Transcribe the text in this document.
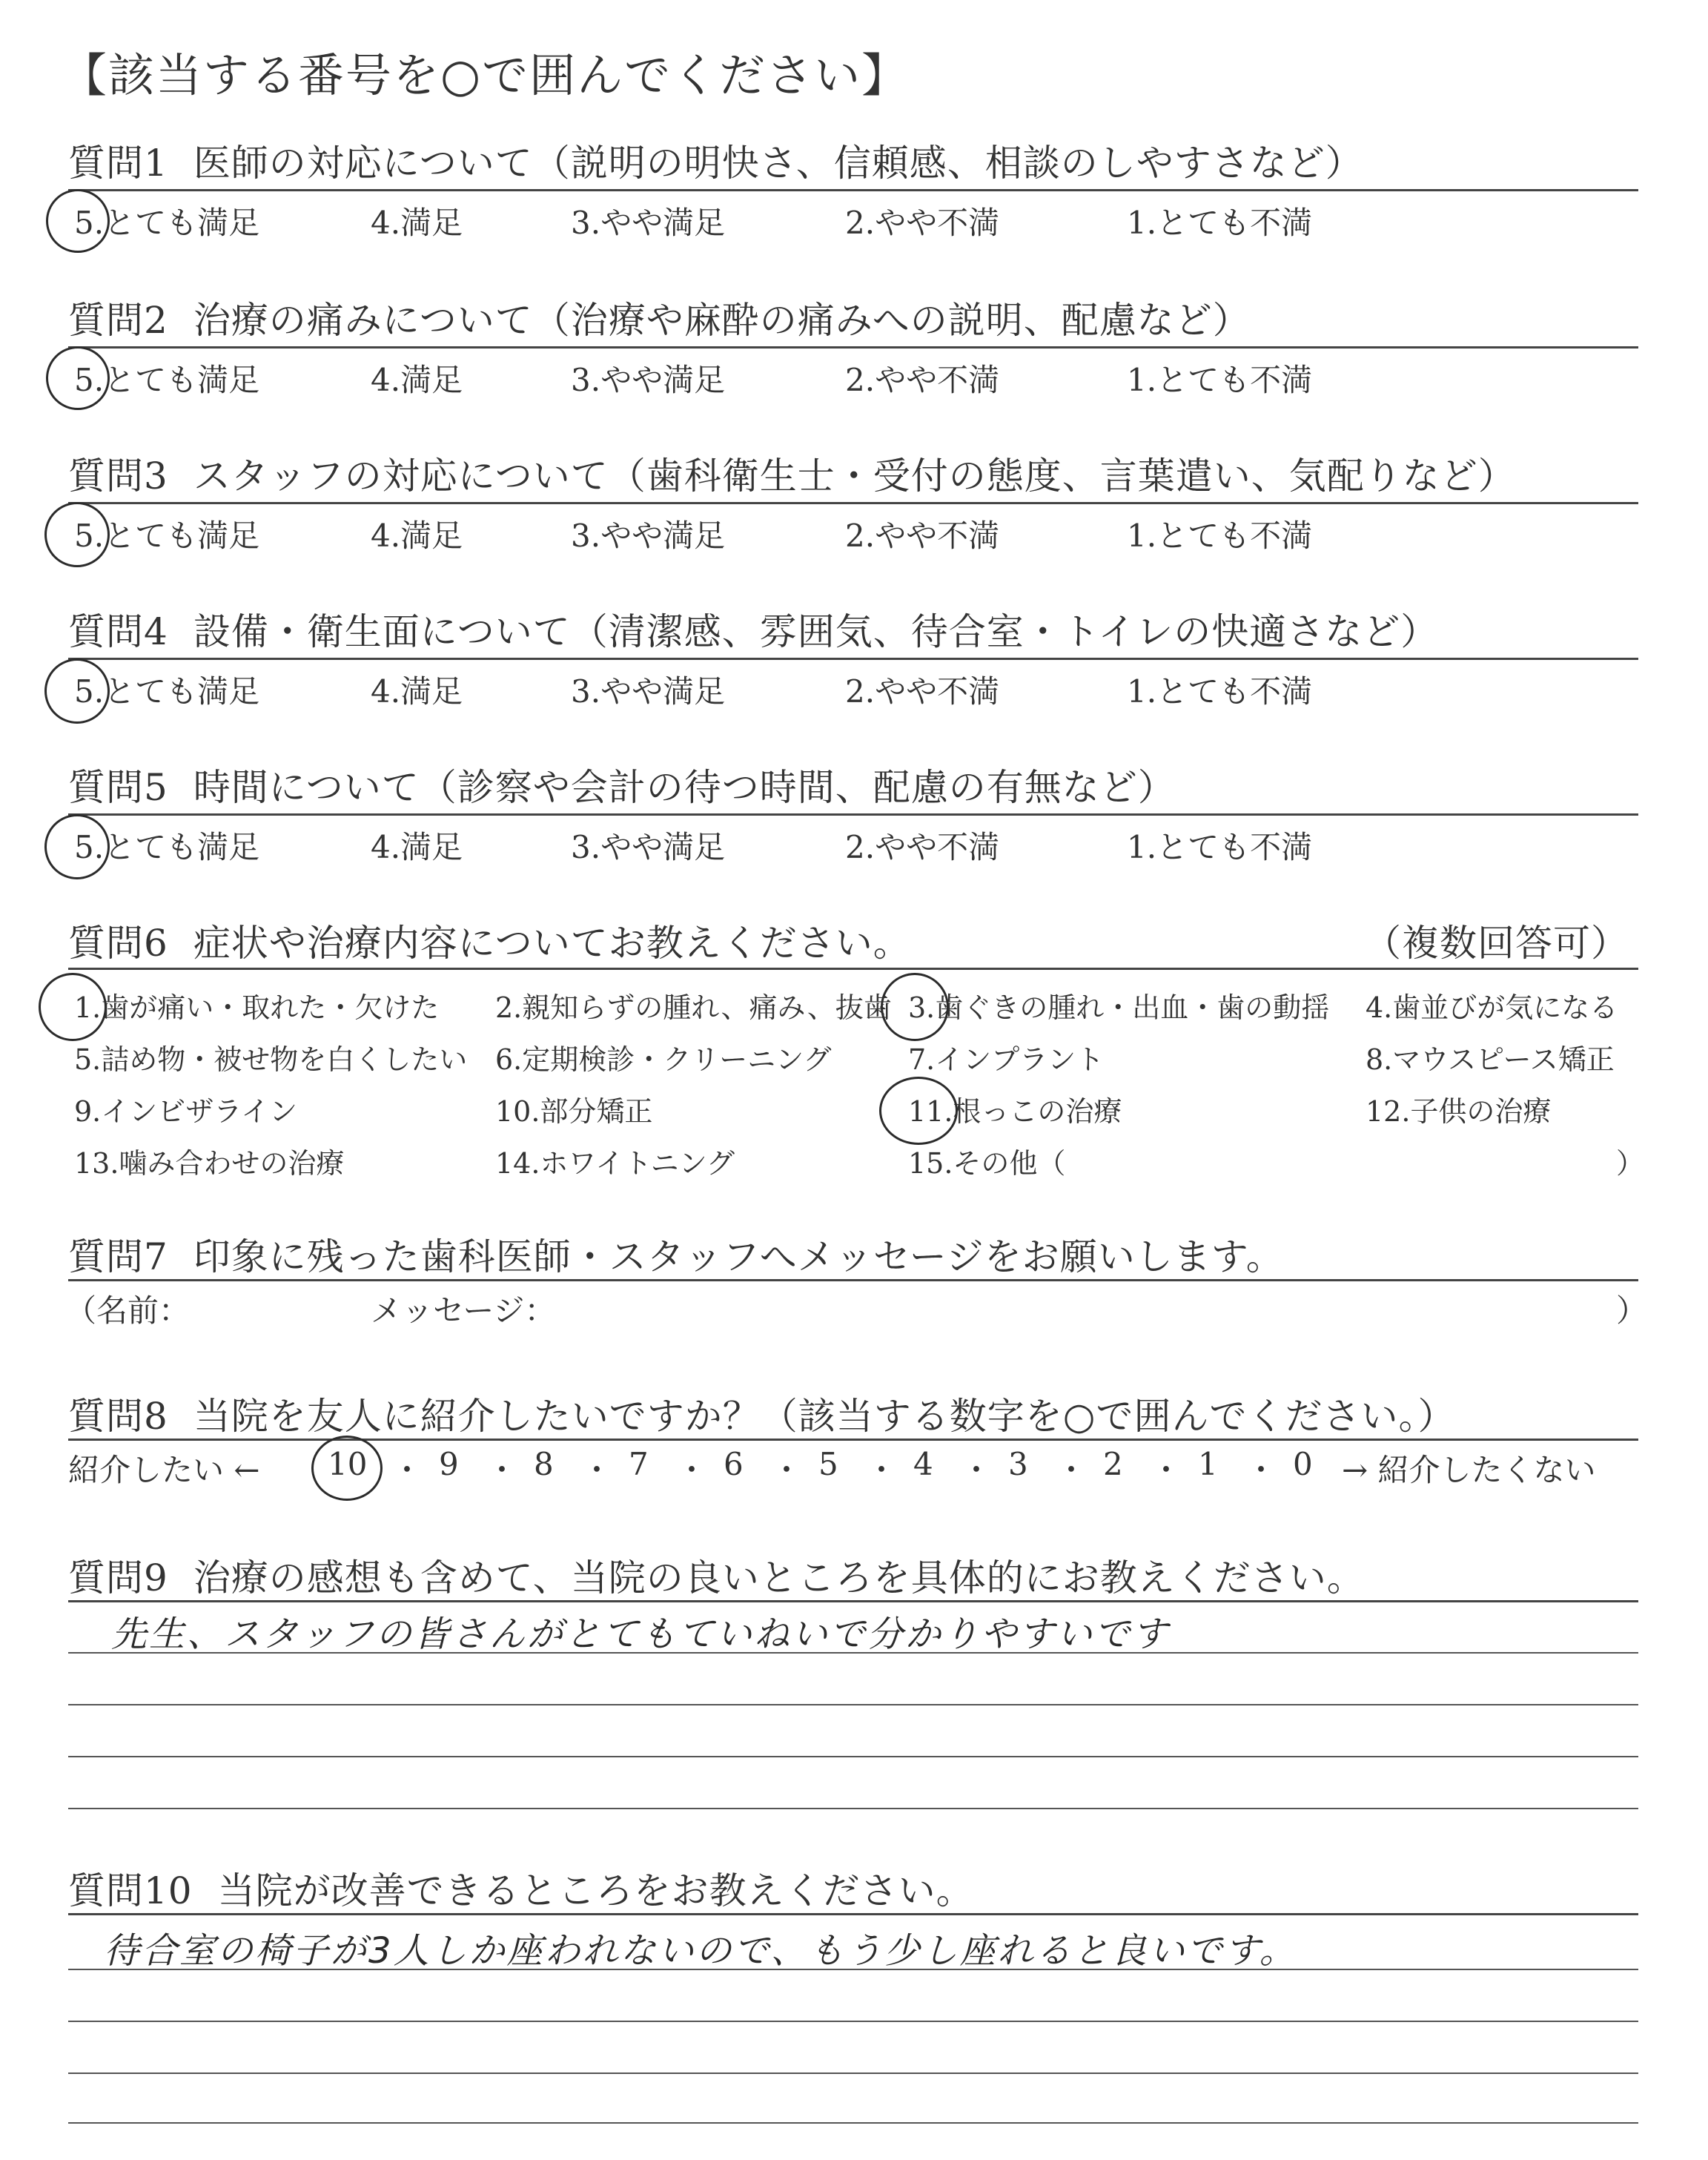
【該当する番号を○で囲んでください】
質問1 医師の対応について（説明の明快さ、信頼感、相談のしやすさなど）
5.とても満足	4.満足	3.やや満足	2.やや不満	1.とても不満
質問2 治療の痛みについて（治療や麻酔の痛みへの説明、配慮など）
5.とても満足	4.満足	3.やや満足	2.やや不満	1.とても不満
質問3 スタッフの対応について（歯科衛生士・受付の態度、言葉遣い、気配りなど）
5.とても満足	4.満足	3.やや満足	2.やや不満	1.とても不満
質問4 設備・衛生面について（清潔感、雰囲気、待合室・トイレの快適さなど）
5.とても満足	4.満足	3.やや満足	2.やや不満	1.とても不満
質問5 時間について（診察や会計の待つ時間、配慮の有無など）
5.とても満足	4.満足	3.やや満足	2.やや不満	1.とても不満
質問6 症状や治療内容についてお教えください。	（複数回答可）
1.歯が痛い・取れた・欠けた 2.親知らずの腫れ、痛み、抜歯 3.歯ぐきの腫れ・出血・歯の動揺 4.歯並びが気になる
5.詰め物・被せ物を白くしたい 6.定期検診・クリーニング	7.インプラント	8.マウスピース矯正
9.インビザライン	10.部分矯正	11.根っこの治療	12.子供の治療
13.噛み合わせの治療	14.ホワイトニング	15.その他（	）
質問7 印象に残った歯科医師・スタッフへメッセージをお願いします。
（名前：	メッセージ：	）
質問8 当院を友人に紹介したいですか？（該当する数字を○で囲んでください。）
紹介したい ←	→ 紹介したくない
10 ・ 9 ・ 8 ・ 7 ・ 6 ・ 5 ・ 4 ・ 3 ・ 2 ・ 1 ・ 0
質問9 治療の感想も含めて、当院の良いところを具体的にお教えください。
先生、スタッフの皆さんがとてもていねいで分かりやすいです
質問10 当院が改善できるところをお教えください。
待合室の椅子が3人しか座われないので、もう少し座れると良いです。
